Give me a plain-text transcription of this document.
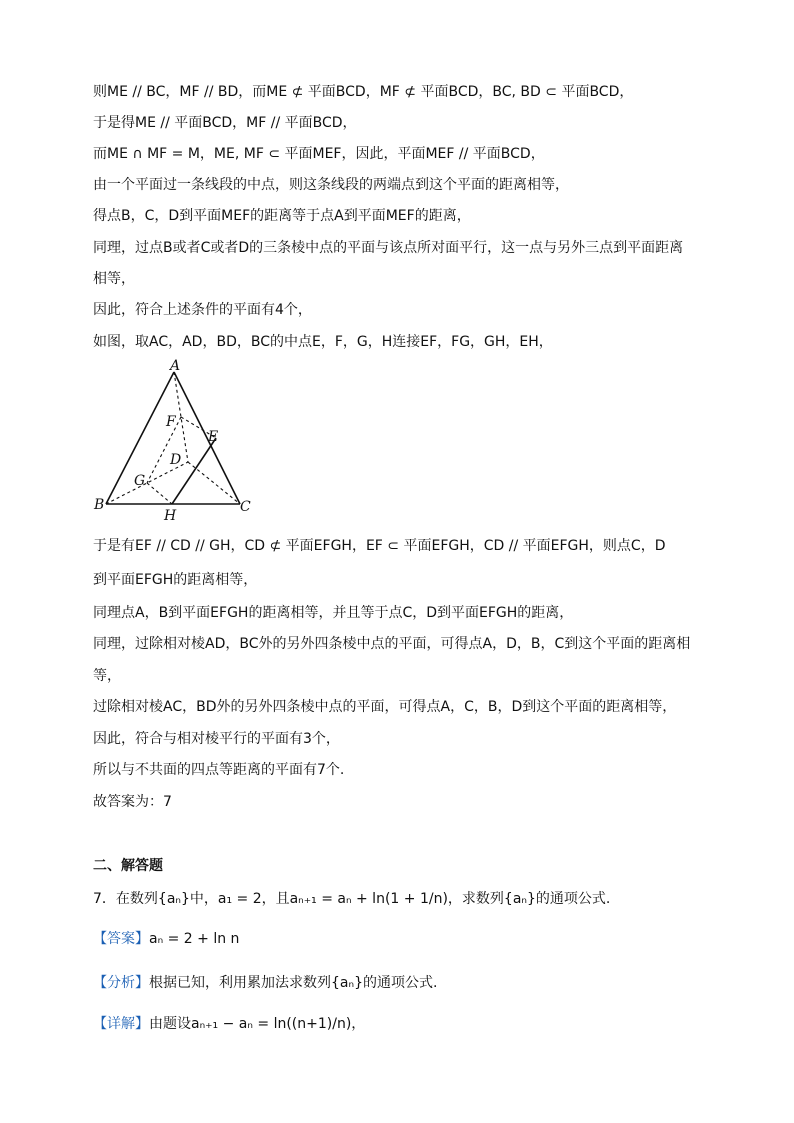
则ME // BC，MF // BD，而ME ⊄ 平面BCD，MF ⊄ 平面BCD，BC, BD ⊂ 平面BCD，
于是得ME // 平面BCD，MF // 平面BCD，
而ME ∩ MF = M，ME, MF ⊂ 平面MEF，因此，平面MEF // 平面BCD，
由一个平面过一条线段的中点，则这条线段的两端点到这个平面的距离相等，
得点B，C，D到平面MEF的距离等于点A到平面MEF的距离，
同理，过点B或者C或者D的三条棱中点的平面与该点所对面平行，这一点与另外三点到平面距离
相等，
因此，符合上述条件的平面有4个，
如图，取AC，AD，BD，BC的中点E，F，G，H连接EF，FG，GH，EH，
A
B	C
D
E
F
G
H
于是有EF // CD // GH，CD ⊄ 平面EFGH，EF ⊂ 平面EFGH，CD // 平面EFGH，则点C，D
到平面EFGH的距离相等，
同理点A，B到平面EFGH的距离相等，并且等于点C，D到平面EFGH的距离，
同理，过除相对棱AD，BC外的另外四条棱中点的平面，可得点A，D，B，C到这个平面的距离相
等，
过除相对棱AC，BD外的另外四条棱中点的平面，可得点A，C，B，D到这个平面的距离相等，
因此，符合与相对棱平行的平面有3个，
所以与不共面的四点等距离的平面有7个.
故答案为：7
二、解答题
7．在数列{aₙ}中，a₁ = 2，且aₙ₊₁ = aₙ + ln(1 + 1/n)，求数列{aₙ}的通项公式.
【答案】aₙ = 2 + ln n
【分析】根据已知，利用累加法求数列{aₙ}的通项公式.
【详解】由题设aₙ₊₁ − aₙ = ln((n+1)/n)，
